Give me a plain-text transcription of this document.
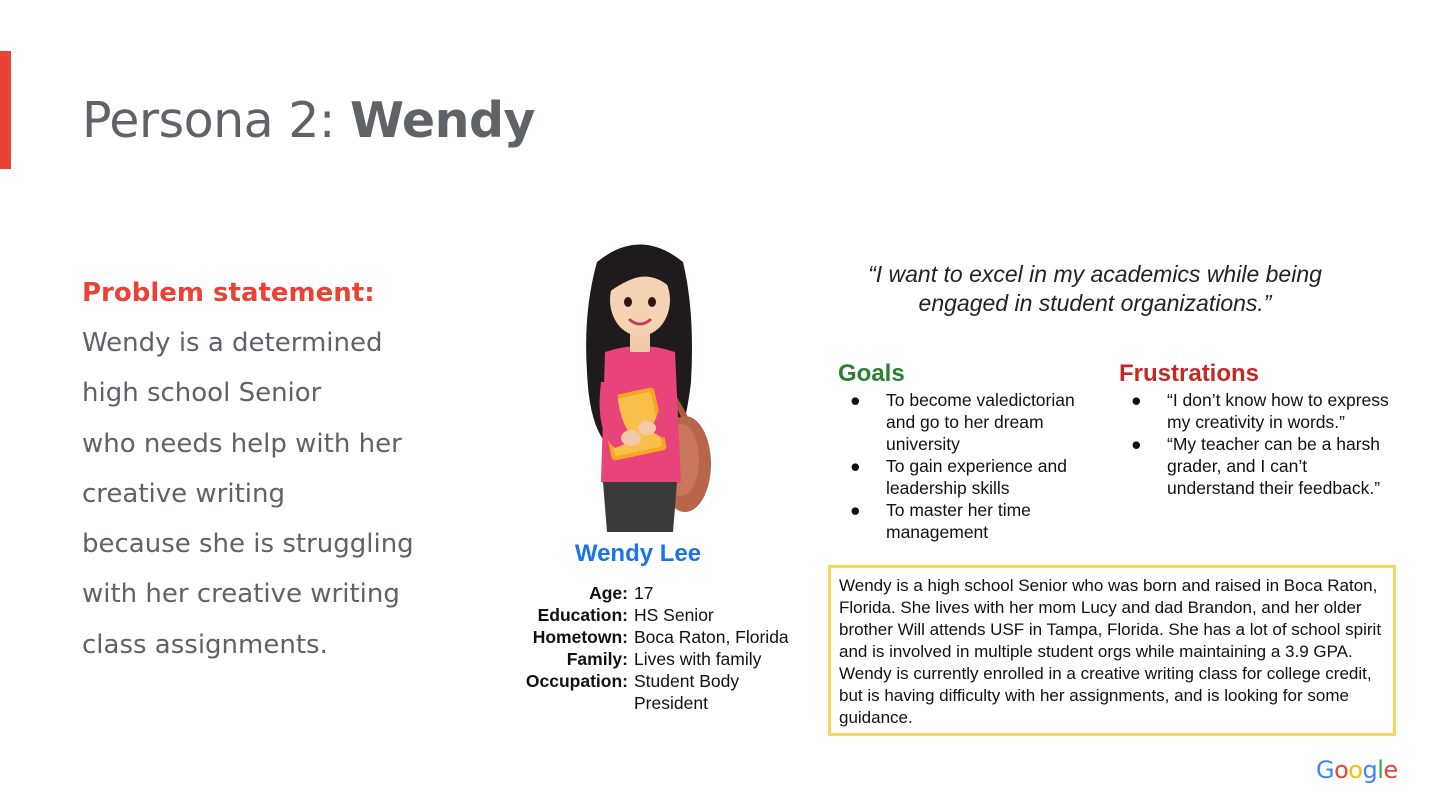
Persona 2: Wendy
Problem statement:
Wendy is a determined
high school Senior
who needs help with her
creative writing
because she is struggling
with her creative writing
class assignments.
Wendy Lee
Age: 17
Education: HS Senior
Hometown: Boca Raton, Florida
Family: Lives with family
Occupation: Student Body President
“I want to excel in my academics while being
engaged in student organizations.”
Goals
● To become valedictorian and go to her dream university
● To gain experience and leadership skills
● To master her time management
Frustrations
● “I don’t know how to express my creativity in words.”
● “My teacher can be a harsh grader, and I can’t understand their feedback.”
Wendy is a high school Senior who was born and raised in Boca Raton, Florida. She lives with her mom Lucy and dad Brandon, and her older brother Will attends USF in Tampa, Florida. She has a lot of school spirit and is involved in multiple student orgs while maintaining a 3.9 GPA. Wendy is currently enrolled in a creative writing class for college credit, but is having difficulty with her assignments, and is looking for some guidance.
Google
